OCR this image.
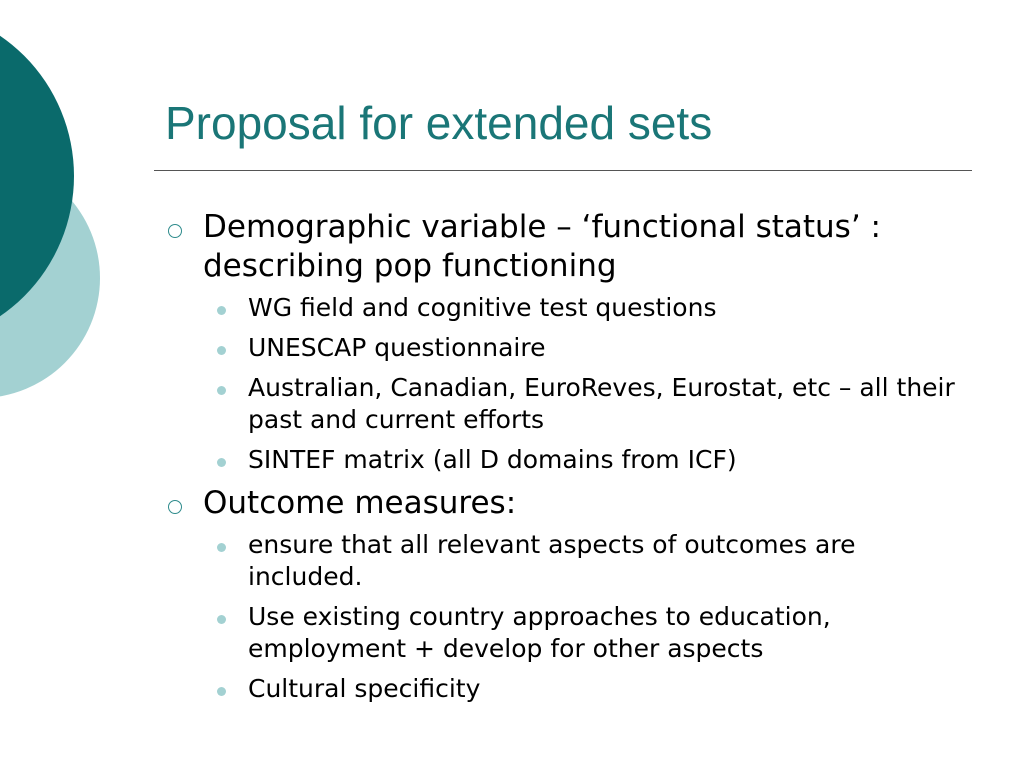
Proposal for extended sets
Demographic variable – ‘functional status’ : describing pop functioning
WG field and cognitive test questions
UNESCAP questionnaire
Australian, Canadian, EuroReves, Eurostat, etc – all their past and current efforts
SINTEF matrix (all D domains from ICF)
Outcome measures:
ensure that all relevant aspects of outcomes are included.
Use existing country approaches to education, employment + develop for other aspects
Cultural specificity
